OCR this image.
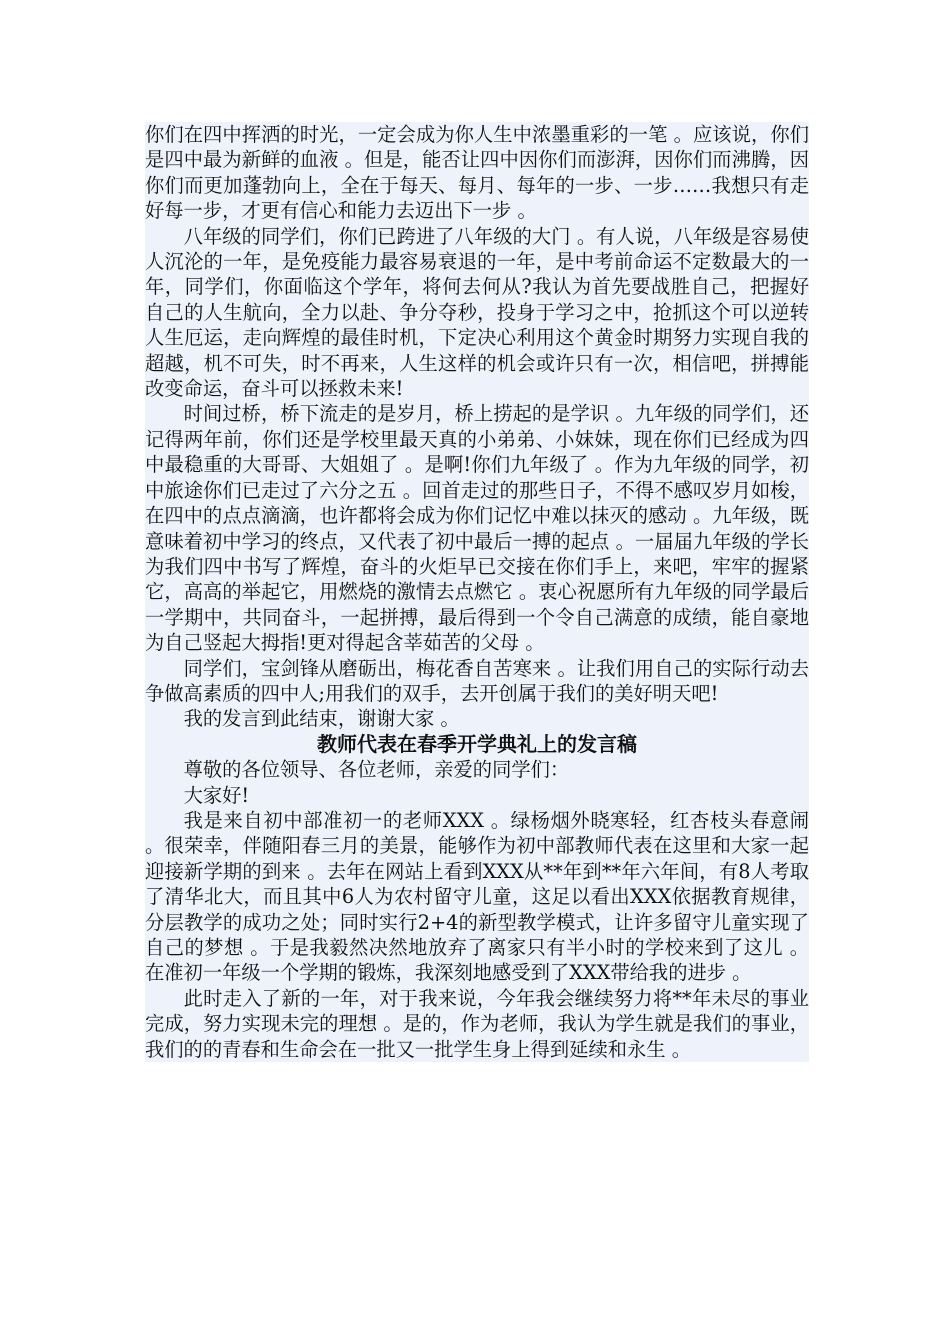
你们在四中挥洒的时光，一定会成为你人生中浓墨重彩的一笔 。应该说，你们是四中最为新鲜的血液 。但是，能否让四中因你们而澎湃，因你们而沸腾，因你们而更加蓬勃向上，全在于每天、每月、每年的一步、一步……我想只有走好每一步，才更有信心和能力去迈出下一步 。

八年级的同学们，你们已跨进了八年级的大门 。有人说，八年级是容易使人沉沦的一年，是免疫能力最容易衰退的一年，是中考前命运不定数最大的一年，同学们，你面临这个学年，将何去何从?我认为首先要战胜自己，把握好自己的人生航向，全力以赴、争分夺秒，投身于学习之中，抢抓这个可以逆转人生厄运，走向辉煌的最佳时机，下定决心利用这个黄金时期努力实现自我的超越，机不可失，时不再来，人生这样的机会或许只有一次，相信吧，拼搏能改变命运，奋斗可以拯救未来!

时间过桥，桥下流走的是岁月，桥上捞起的是学识 。九年级的同学们，还记得两年前，你们还是学校里最天真的小弟弟、小妹妹，现在你们已经成为四中最稳重的大哥哥、大姐姐了 。是啊!你们九年级了 。作为九年级的同学，初中旅途你们已走过了六分之五 。回首走过的那些日子，不得不感叹岁月如梭，在四中的点点滴滴，也许都将会成为你们记忆中难以抹灭的感动 。九年级，既意味着初中学习的终点，又代表了初中最后一搏的起点 。一届届九年级的学长为我们四中书写了辉煌，奋斗的火炬早已交接在你们手上，来吧，牢牢的握紧它，高高的举起它，用燃烧的激情去点燃它 。衷心祝愿所有九年级的同学最后一学期中，共同奋斗，一起拼搏，最后得到一个令自己满意的成绩，能自豪地为自己竖起大拇指!更对得起含莘茹苦的父母 。

同学们，宝剑锋从磨砺出，梅花香自苦寒来 。让我们用自己的实际行动去争做高素质的四中人;用我们的双手，去开创属于我们的美好明天吧!

我的发言到此结束，谢谢大家 。

教师代表在春季开学典礼上的发言稿

尊敬的各位领导、各位老师，亲爱的同学们：

大家好!

我是来自初中部准初一的老师XXX 。绿杨烟外晓寒轻，红杏枝头春意闹 。很荣幸，伴随阳春三月的美景，能够作为初中部教师代表在这里和大家一起迎接新学期的到来 。去年在网站上看到XXX从**年到**年六年间，有8人考取了清华北大，而且其中6人为农村留守儿童，这足以看出XXX依据教育规律，分层教学的成功之处；同时实行2+4的新型教学模式，让许多留守儿童实现了自己的梦想 。于是我毅然决然地放弃了离家只有半小时的学校来到了这儿 。在准初一年级一个学期的锻炼，我深刻地感受到了XXX带给我的进步 。

此时走入了新的一年，对于我来说，今年我会继续努力将**年未尽的事业完成，努力实现未完的理想 。是的，作为老师，我认为学生就是我们的事业，我们的的青春和生命会在一批又一批学生身上得到延续和永生 。
